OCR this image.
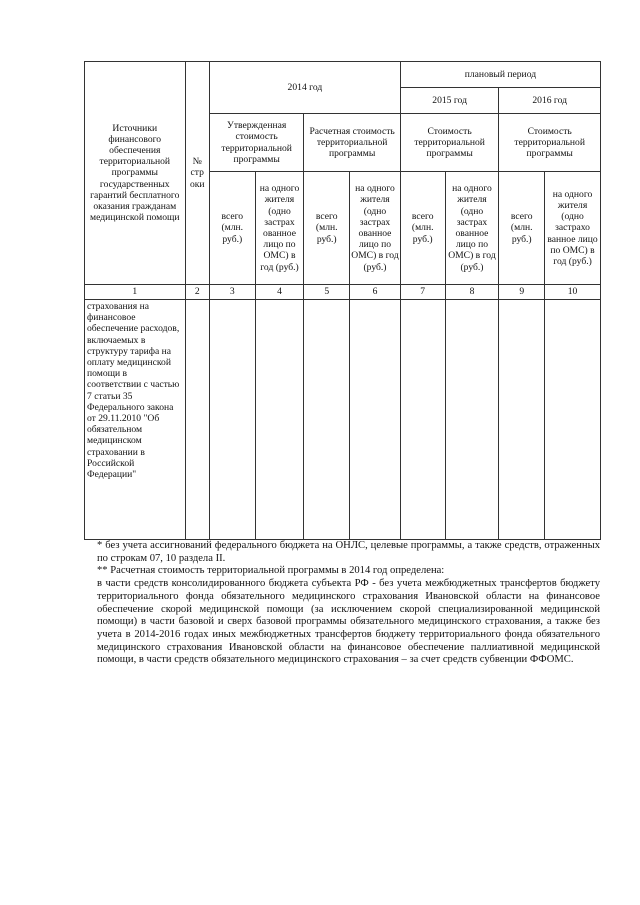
Источники финансового обеспечения территориальной программы государственных гарантий бесплатного оказания гражданам медицинской помощи	№ стр оки	2014 год				плановый период			
						2015 год		2016 год	
		Утвержденная стоимость территориальной программы		Расчетная стоимость территориальной программы		Стоимость территориальной программы		Стоимость территориальной программы	
		всего (млн. руб.)	на одного жителя (одно застрах ованное лицо по ОМС) в год (руб.)	всего (млн. руб.)	на одного жителя (одно застрах ованное лицо по ОМС) в год (руб.)	всего (млн. руб.)	на одного жителя (одно застрах ованное лицо по ОМС) в год (руб.)	всего (млн. руб.)	на одного жителя (одно застрахо ванное лицо по ОМС) в год (руб.)
1	2	3	4	5	6	7	8	9	10
страхования на финансовое обеспечение расходов, включаемых в структуру тарифа на оплату медицинской помощи в соответствии с частью 7 статьи 35 Федерального закона от 29.11.2010 "Об обязательном медицинском страховании в Российской Федерации"									

* без учета ассигнований федерального бюджета на ОНЛС, целевые программы, а также средств, отраженных по строкам 07, 10 раздела II.

** Расчетная стоимость территориальной программы в 2014 год определена:

в части средств консолидированного бюджета субъекта РФ - без учета межбюджетных трансфертов бюджету территориального фонда обязательного медицинского страхования Ивановской области на финансовое обеспечение скорой медицинской помощи (за исключением скорой специализированной медицинской помощи) в части базовой и сверх базовой программы обязательного медицинского страхования, а также без учета в 2014-2016 годах иных межбюджетных трансфертов бюджету территориального фонда обязательного медицинского страхования Ивановской области на финансовое обеспечение паллиативной медицинской помощи, в части средств обязательного медицинского страхования – за счет средств субвенции ФФОМС.
